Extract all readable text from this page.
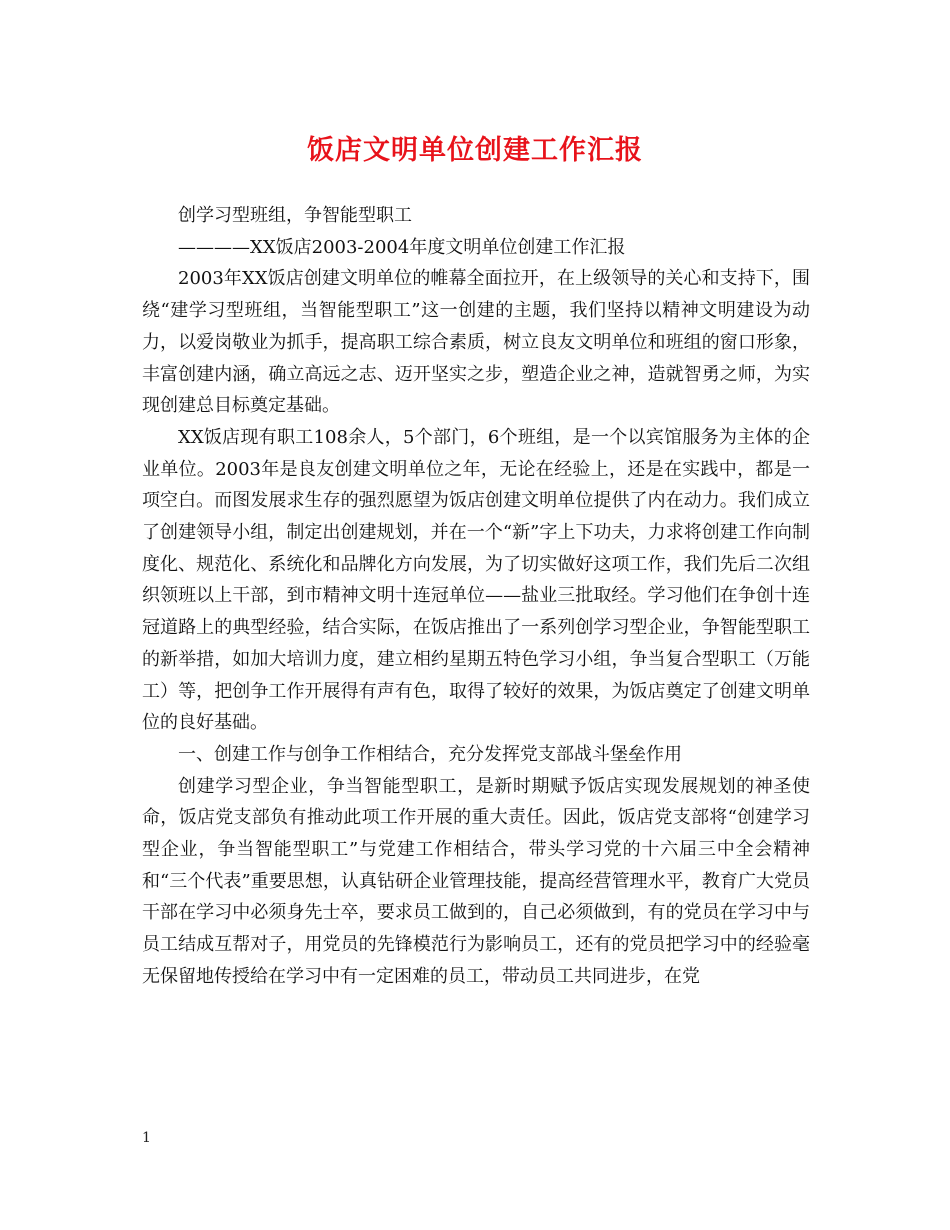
饭店文明单位创建工作汇报

创学习型班组，争智能型职工

————XX饭店2003-2004年度文明单位创建工作汇报

2003年XX饭店创建文明单位的帷幕全面拉开，在上级领导的关心和支持下，围绕“建学习型班组，当智能型职工”这一创建的主题，我们坚持以精神文明建设为动力，以爱岗敬业为抓手，提高职工综合素质，树立良友文明单位和班组的窗口形象，丰富创建内涵，确立高远之志、迈开坚实之步，塑造企业之神，造就智勇之师，为实现创建总目标奠定基础。

XX饭店现有职工108余人，5个部门，6个班组，是一个以宾馆服务为主体的企业单位。2003年是良友创建文明单位之年，无论在经验上，还是在实践中，都是一项空白。而图发展求生存的强烈愿望为饭店创建文明单位提供了内在动力。我们成立了创建领导小组，制定出创建规划，并在一个“新”字上下功夫，力求将创建工作向制度化、规范化、系统化和品牌化方向发展，为了切实做好这项工作，我们先后二次组织领班以上干部，到市精神文明十连冠单位——盐业三批取经。学习他们在争创十连冠道路上的典型经验，结合实际，在饭店推出了一系列创学习型企业，争智能型职工的新举措，如加大培训力度，建立相约星期五特色学习小组，争当复合型职工（万能工）等，把创争工作开展得有声有色，取得了较好的效果，为饭店奠定了创建文明单位的良好基础。

一、创建工作与创争工作相结合，充分发挥党支部战斗堡垒作用

创建学习型企业，争当智能型职工，是新时期赋予饭店实现发展规划的神圣使命，饭店党支部负有推动此项工作开展的重大责任。因此，饭店党支部将“创建学习型企业，争当智能型职工”与党建工作相结合，带头学习党的十六届三中全会精神和“三个代表”重要思想，认真钻研企业管理技能，提高经营管理水平，教育广大党员干部在学习中必须身先士卒，要求员工做到的，自己必须做到，有的党员在学习中与员工结成互帮对子，用党员的先锋模范行为影响员工，还有的党员把学习中的经验毫无保留地传授给在学习中有一定困难的员工，带动员工共同进步，在党

1
